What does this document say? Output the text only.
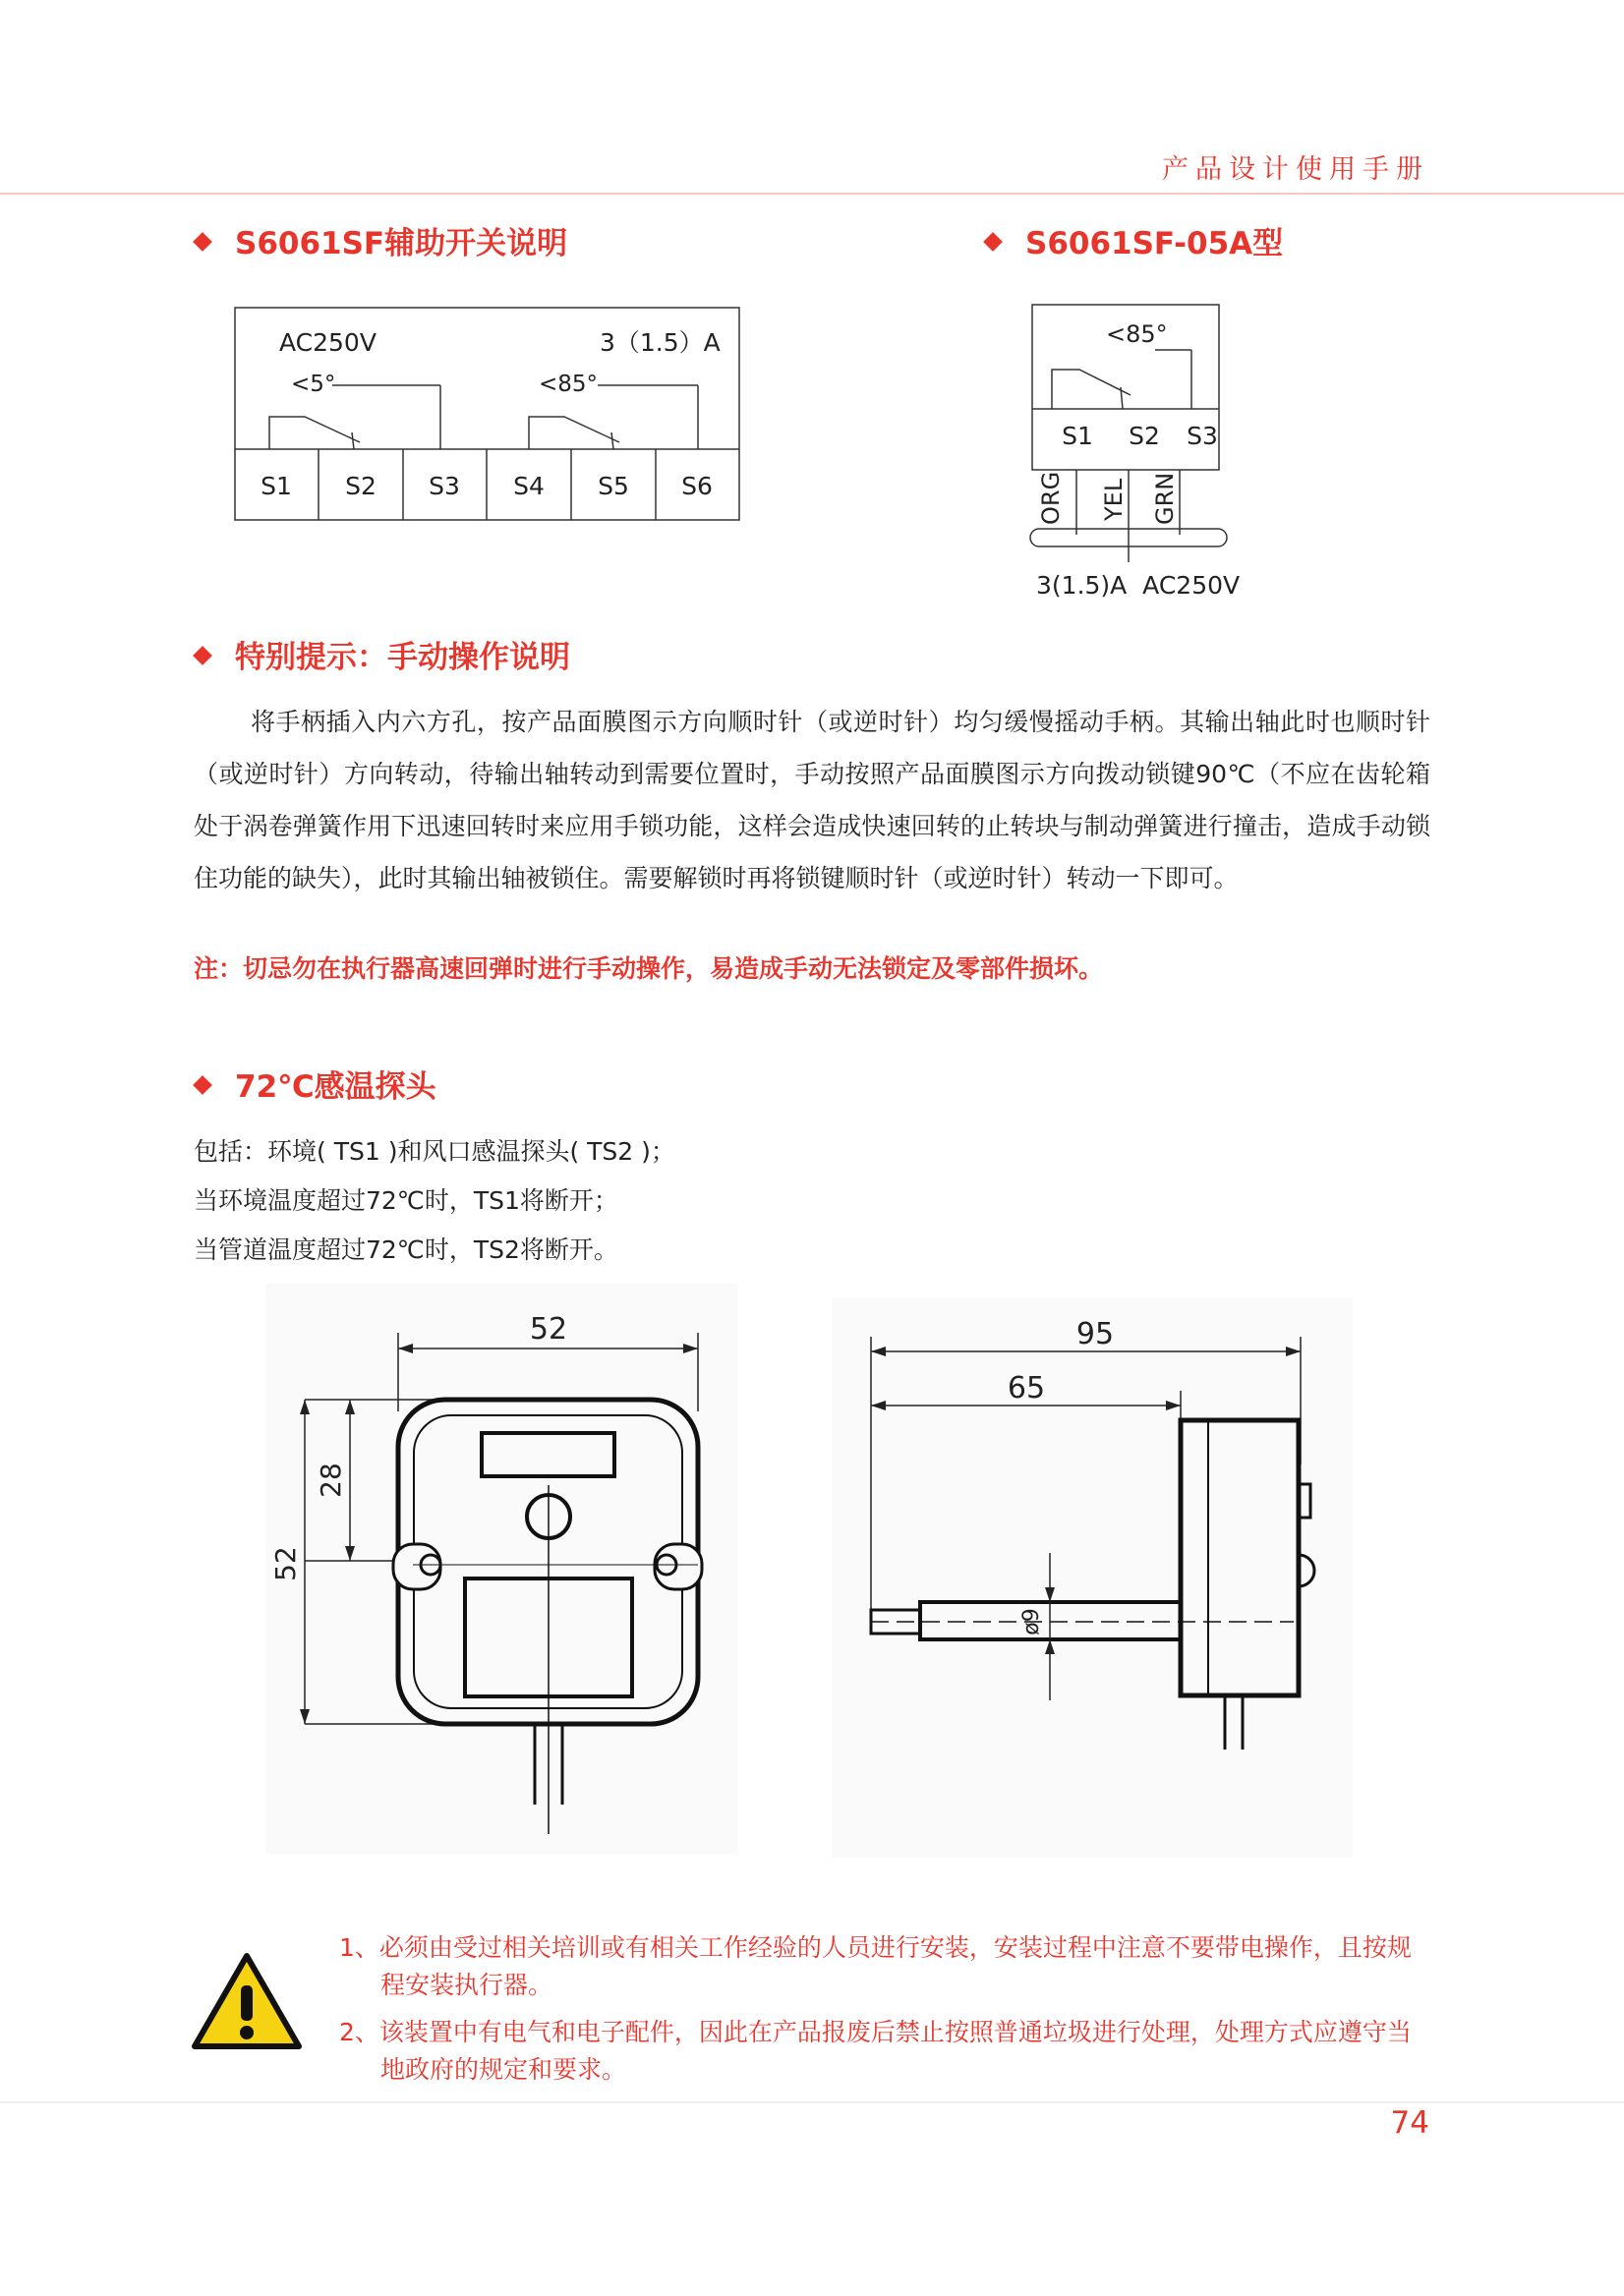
产品设计使用手册
S6061SF辅助开关说明
AC250V	3（1.5）A
<5°	<85°
S1 S2 S3 S4 S5 S6
S6061SF-05A型
<85°
S1 S2 S3
ORG YEL GRN
3(1.5)A  AC250V
特别提示：手动操作说明

将手柄插入内六方孔，按产品面膜图示方向顺时针（或逆时针）均匀缓慢摇动手柄。其输出轴此时也顺时针（或逆时针）方向转动，待输出轴转动到需要位置时，手动按照产品面膜图示方向拨动锁键90℃（不应在齿轮箱处于涡卷弹簧作用下迅速回转时来应用手锁功能，这样会造成快速回转的止转块与制动弹簧进行撞击，造成手动锁住功能的缺失），此时其输出轴被锁住。需要解锁时再将锁键顺时针（或逆时针）转动一下即可。

注：切忌勿在执行器高速回弹时进行手动操作，易造成手动无法锁定及零部件损坏。
72℃感温探头
包括：环境( TS1 )和风口感温探头( TS2 )；
当环境温度超过72℃时，TS1将断开；
当管道温度超过72℃时，TS2将断开。
52
52
28
95
65
ø9
1、必须由受过相关培训或有相关工作经验的人员进行安装，安装过程中注意不要带电操作，且按规程安装执行器。
2、该装置中有电气和电子配件，因此在产品报废后禁止按照普通垃圾进行处理，处理方式应遵守当地政府的规定和要求。
74
